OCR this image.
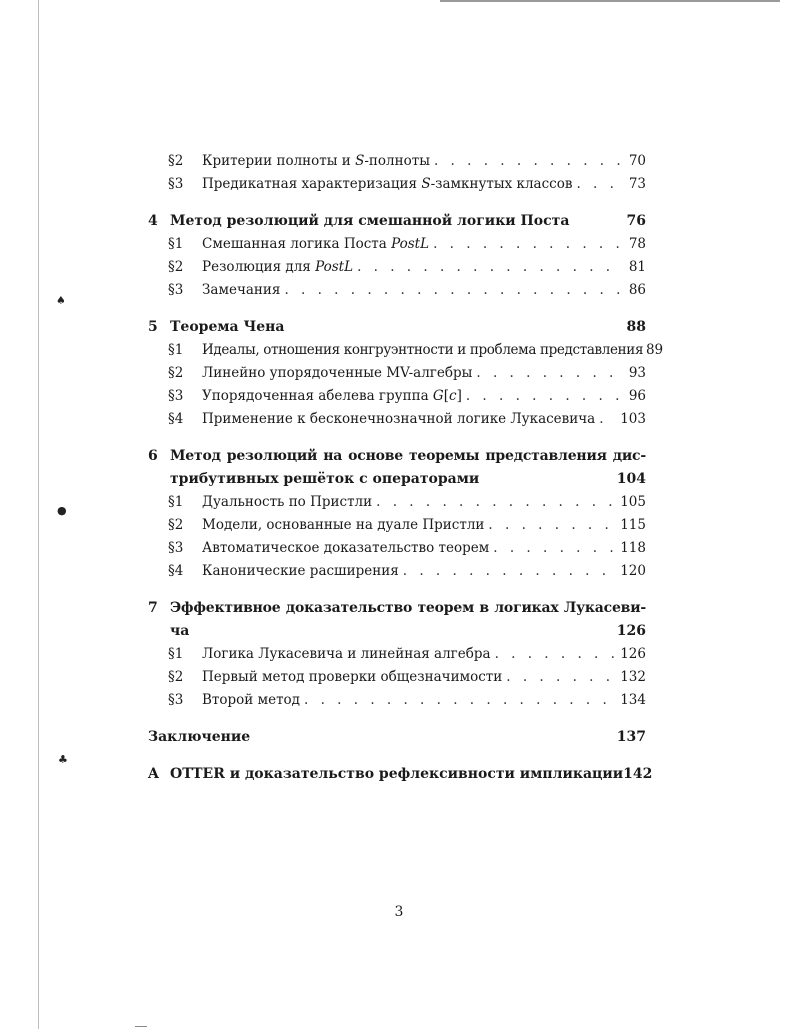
♠
●
♣
§2	Критерии полноты и S-полноты . . .	70
§3	Предикатная характеризация S-замкнутых классов . . .	73
4 Метод резолюций для смешанной логики Поста	76
§1	Смешанная логика Поста PostL . . .	78
§2	Резолюция для PostL . . .	81
§3	Замечания . . .	86
5 Теорема Чена	88
§1	Идеалы, отношения конгруэнтности и проблема представления 89
§2	Линейно упорядоченные MV-алгебры . . .	93
§3	Упорядоченная абелева группа G[c] . . .	96
§4	Применение к бесконечнозначной логике Лукасевича . . . 103
6 Метод резолюций на основе теоремы представления дис-
трибутивных решёток с операторами	104
§1	Дуальность по Пристли . . .	105
§2	Модели, основанные на дуале Пристли . . .	115
§3	Автоматическое доказательство теорем . . .	118
§4	Канонические расширения . . .	120
7 Эффективное доказательство теорем в логиках Лукасеви-
ча	126
§1	Логика Лукасевича и линейная алгебра . . .	126
§2	Первый метод проверки общезначимости . . .	132
§3	Второй метод . . .	134
Заключение	137
A OTTER и доказательство рефлексивности импликации 142
3
